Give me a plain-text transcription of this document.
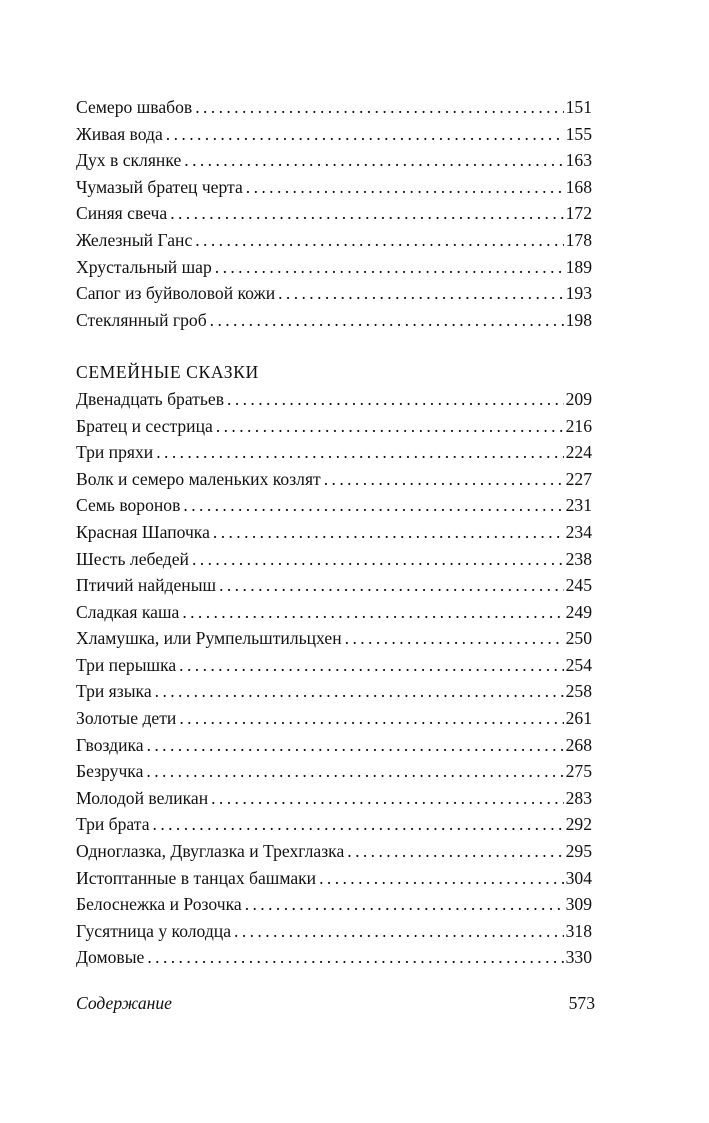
Семеро швабов .....	151
Живая вода .....	155
Дух в склянке .....	163
Чумазый братец черта .....	168
Синяя свеча .....	172
Железный Ганс .....	178
Хрустальный шар .....	189
Сапог из буйволовой кожи .....	193
Стеклянный гроб .....	198
СЕМЕЙНЫЕ СКАЗКИ
Двенадцать братьев .....	209
Братец и сестрица .....	216
Три пряхи .....	224
Волк и семеро маленьких козлят .....	227
Семь воронов .....	231
Красная Шапочка .....	234
Шесть лебедей .....	238
Птичий найденыш .....	245
Сладкая каша .....	249
Хламушка, или Румпельштильцхен .....	250
Три перышка .....	254
Три языка .....	258
Золотые дети .....	261
Гвоздика .....	268
Безручка .....	275
Молодой великан .....	283
Три брата .....	292
Одноглазка, Двуглазка и Трехглазка .....	295
Истоптанные в танцах башмаки .....	304
Белоснежка и Розочка .....	309
Гусятница у колодца .....	318
Домовые .....	330
Содержание	573
